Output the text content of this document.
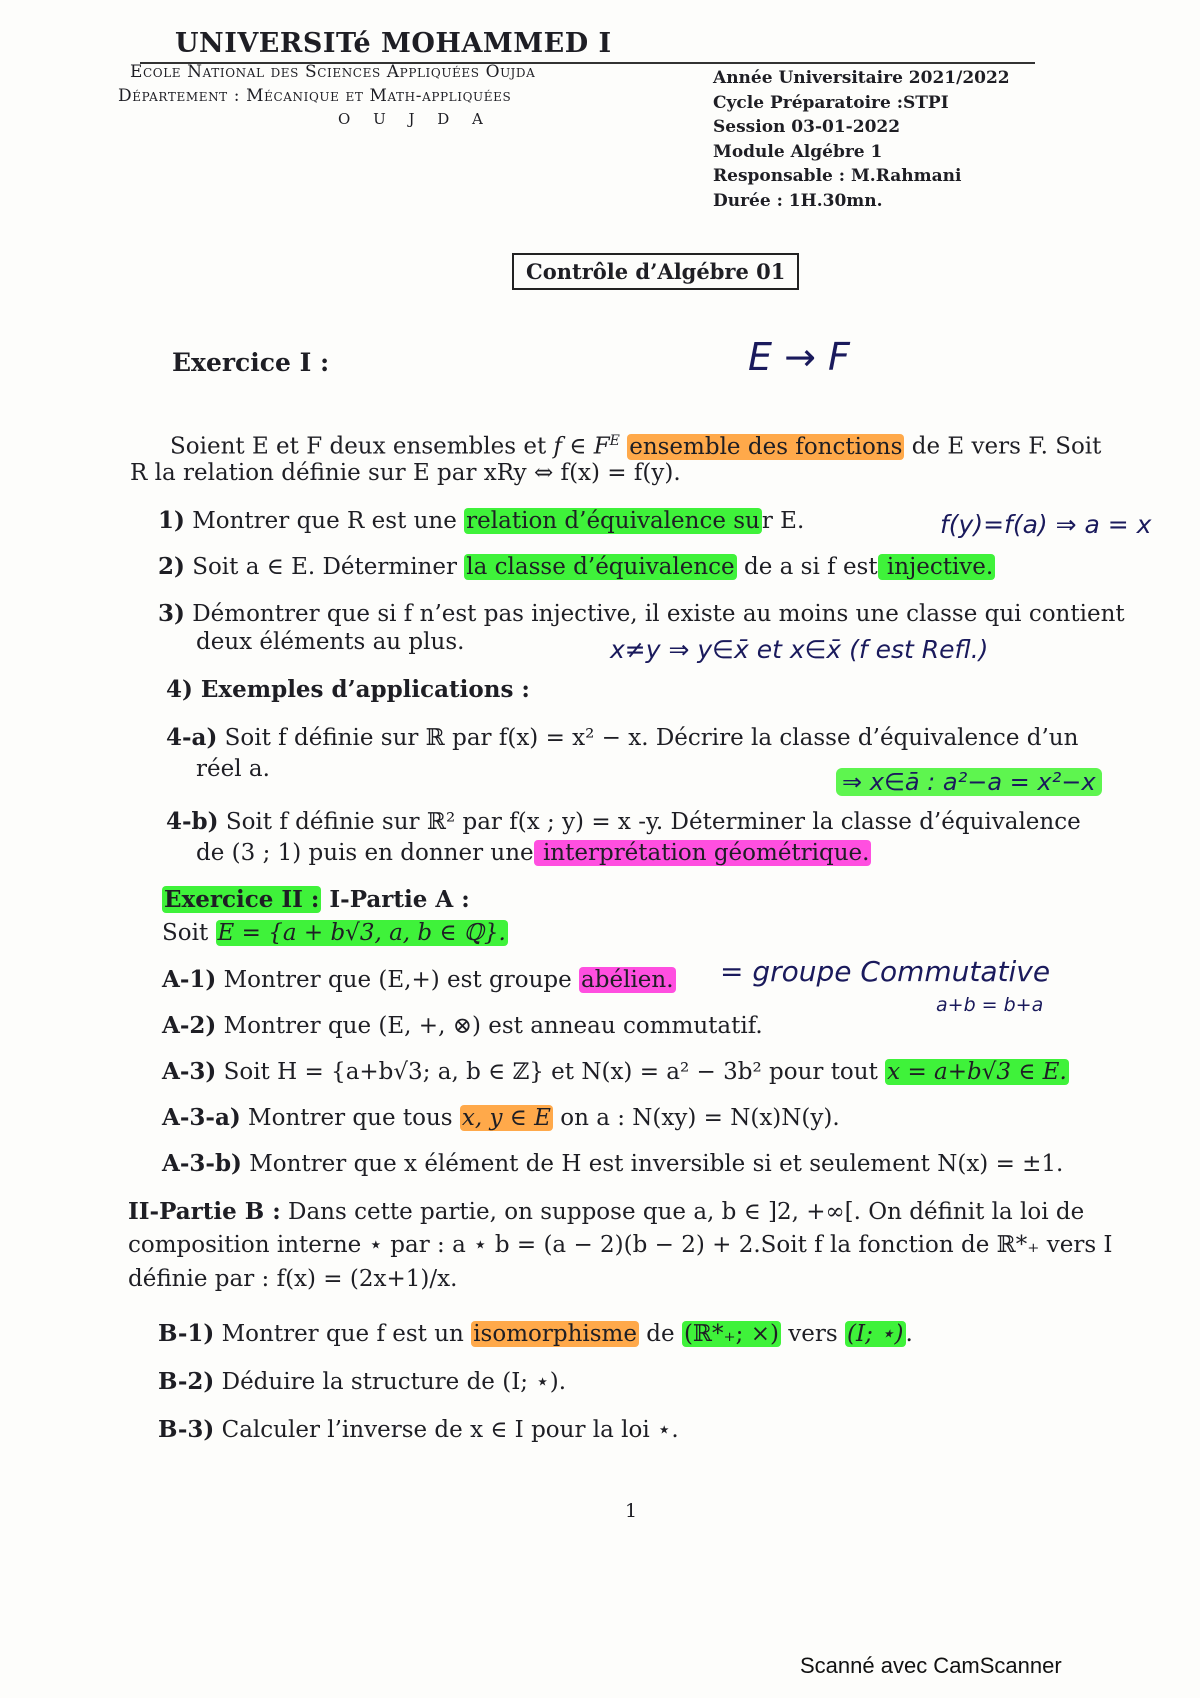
UNIVERSITé MOHAMMED I
Ecole National des Sciences Appliquées Oujda
Département : Mécanique et Math-appliquées
O U J D A
Année Universitaire 2021/2022
Cycle Préparatoire :STPI
Session 03-01-2022
Module Algébre 1
Responsable : M.Rahmani
Durée : 1H.30mn.
Contrôle d’Algébre 01
Exercice I :	E → F
Soient E et F deux ensembles et f ∈ $F^E$ ensemble des fonctions de E vers F. Soit
R la relation définie sur E par xRy ⇔ f(x) = f(y).
1) Montrer que R est une relation d’équivalence sur E.	f(y)=f(a) ⇒ a = x
2) Soit a ∈ E. Déterminer la classe d’équivalence de a si f est injective.
3) Démontrer que si f n’est pas injective, il existe au moins une classe qui contient
deux éléments au plus.	x≠y ⇒ y∈x̄ et x∈x̄ (f est Refl.)
4) Exemples d’applications :
4-a) Soit f définie sur ℝ par f(x) = x² − x. Décrire la classe d’équivalence d’un
réel a.	⇒ x∈ā : a²−a = x²−x
4-b) Soit f définie sur ℝ² par f(x ; y) = x -y. Déterminer la classe d’équivalence
de (3 ; 1) puis en donner une interprétation géométrique.
Exercice II : I-Partie A :
Soit E = {a + b√3, a, b ∈ ℚ}.
A-1) Montrer que (E,+) est groupe abélien. = groupe Commutative
a+b = b+a
A-2) Montrer que (E, +, ⊗) est anneau commutatif.
A-3) Soit H = {a+b√3; a, b ∈ ℤ} et N(x) = a² − 3b² pour tout x = a+b√3 ∈ E.
A-3-a) Montrer que tous x, y ∈ E on a : N(xy) = N(x)N(y).
A-3-b) Montrer que x élément de H est inversible si et seulement N(x) = ±1.
II-Partie B : Dans cette partie, on suppose que a, b ∈ ]2, +∞[. On définit la loi de
composition interne ⋆ par : a ⋆ b = (a − 2)(b − 2) + 2.Soit f la fonction de ℝ*₊ vers I
définie par : f(x) = (2x+1)/x.
B-1) Montrer que f est un isomorphisme de (ℝ*₊; ×) vers (I; ⋆).
B-2) Déduire la structure de (I; ⋆).
B-3) Calculer l’inverse de x ∈ I pour la loi ⋆.
1
Scanné avec CamScanner
